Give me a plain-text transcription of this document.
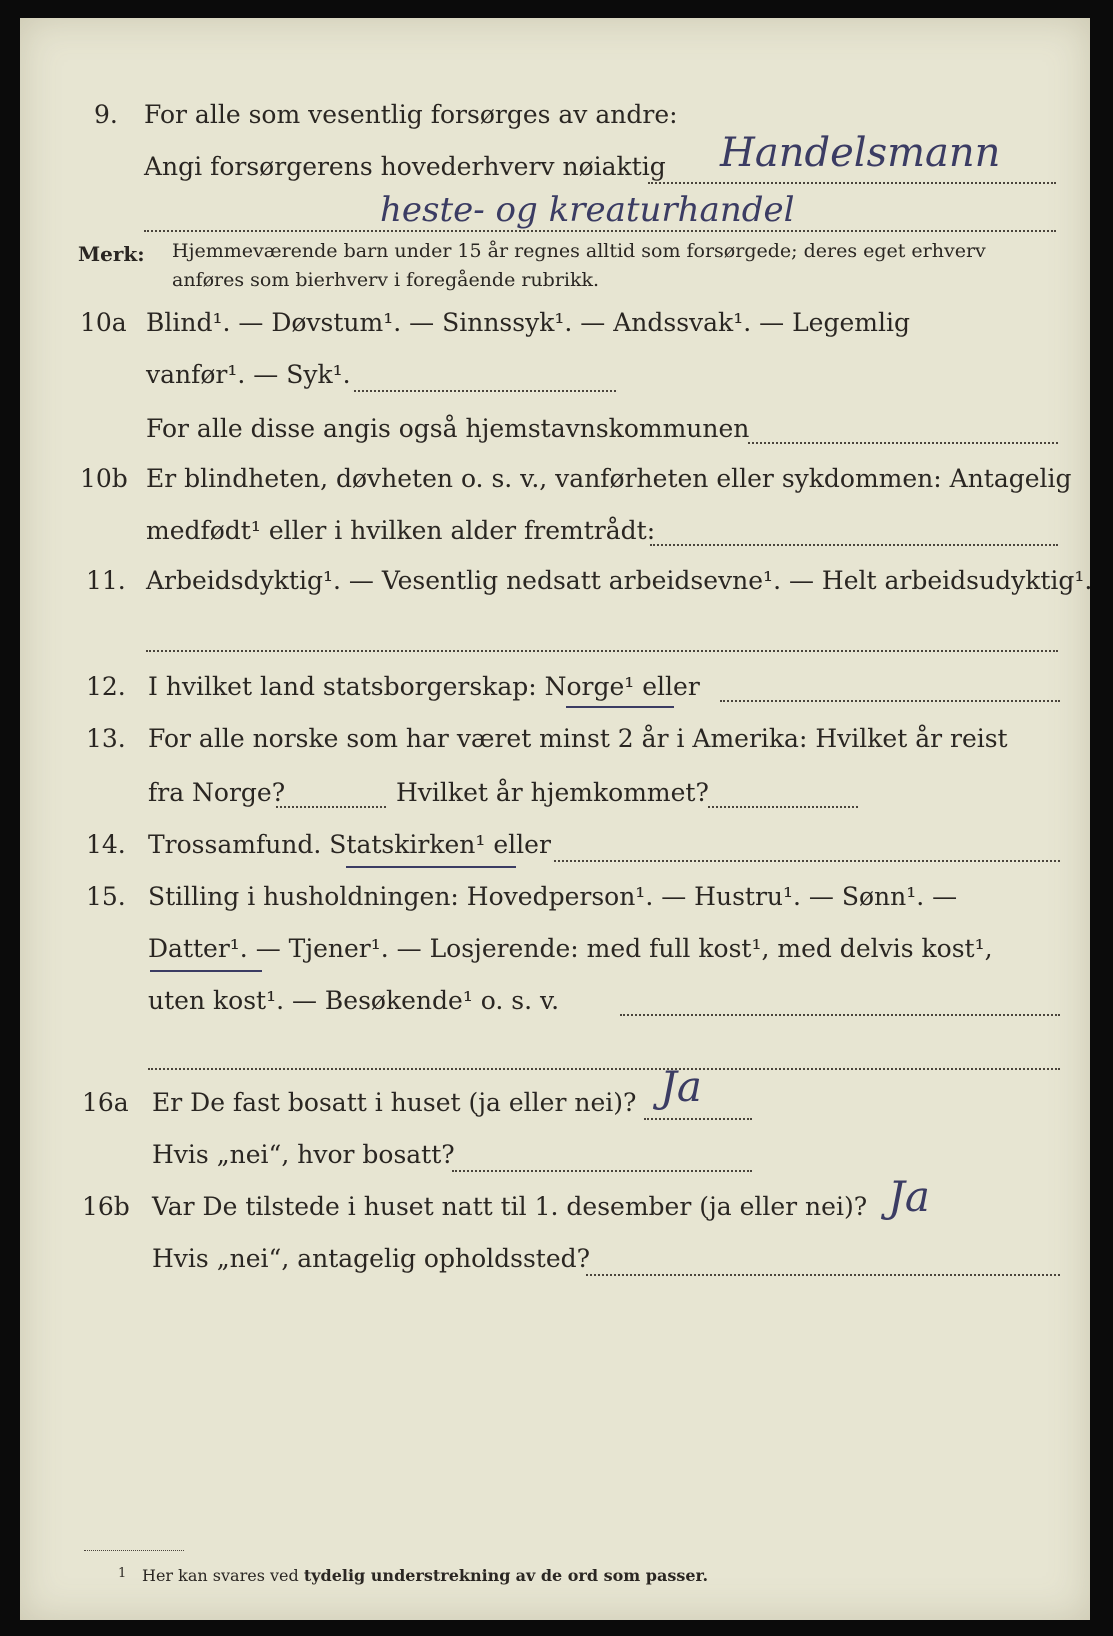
9. For alle som vesentlig forsørges av andre:
Angi forsørgerens hovederhverv nøiaktig Handelsmann
heste- og kreaturhandel
Merk: Hjemmeværende barn under 15 år regnes alltid som forsørgede; deres eget erhverv
anføres som bierhverv i foregående rubrikk.
10a Blind¹. — Døvstum¹. — Sinnssyk¹. — Andssvak¹. — Legemlig
vanfør¹. — Syk¹.
For alle disse angis også hjemstavnskommunen
10b Er blindheten, døvheten o. s. v., vanførheten eller sykdommen: Antagelig
medfødt¹ eller i hvilken alder fremtrådt:
11. Arbeidsdyktig¹. — Vesentlig nedsatt arbeidsevne¹. — Helt arbeidsudyktig¹.
12. I hvilket land statsborgerskap: Norge¹ eller
13. For alle norske som har været minst 2 år i Amerika: Hvilket år reist
fra Norge?	Hvilket år hjemkommet?
14. Trossamfund. Statskirken¹ eller
15. Stilling i husholdningen: Hovedperson¹. — Hustru¹. — Sønn¹. —
Datter¹. — Tjener¹. — Losjerende: med full kost¹, med delvis kost¹,
uten kost¹. — Besøkende¹ o. s. v.
16a Er De fast bosatt i huset (ja eller nei)? Ja
Hvis „nei“, hvor bosatt?
16b Var De tilstede i huset natt til 1. desember (ja eller nei)? Ja
Hvis „nei“, antagelig opholdssted?
1 Her kan svares ved tydelig understrekning av de ord som passer.
